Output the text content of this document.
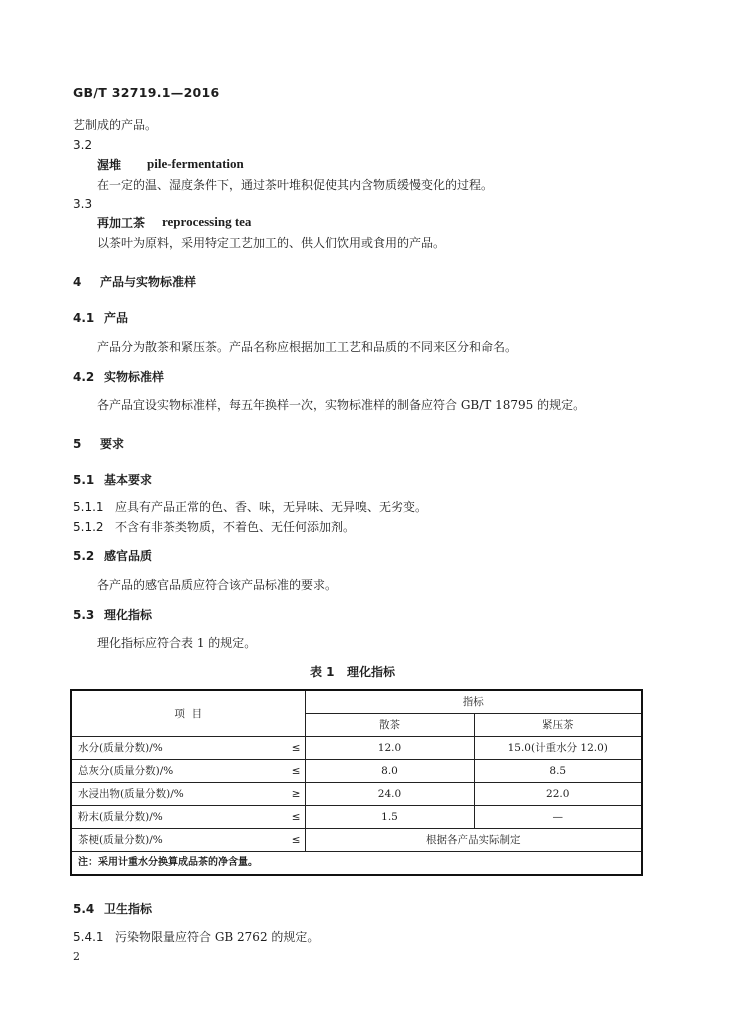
GB/T 32719.1—2016
艺制成的产品。
3.2
渥堆 pile-fermentation
在一定的温、湿度条件下，通过茶叶堆积促使其内含物质缓慢变化的过程。
3.3
再加工茶 reprocessing tea
以茶叶为原料，采用特定工艺加工的、供人们饮用或食用的产品。
4 产品与实物标准样
4.1 产品
产品分为散茶和紧压茶。产品名称应根据加工工艺和品质的不同来区分和命名。
4.2 实物标准样
各产品宜设实物标准样，每五年换样一次，实物标准样的制备应符合 GB/T 18795 的规定。
5 要求
5.1 基本要求
5.1.1 应具有产品正常的色、香、味，无异味、无异嗅、无劣变。
5.1.2 不含有非茶类物质，不着色、无任何添加剂。
5.2 感官品质
各产品的感官品质应符合该产品标准的要求。
5.3 理化指标
理化指标应符合表 1 的规定。
表 1   理化指标
项  目		指标	
		散茶	紧压茶
水分(质量分数)/%	≤	12.0	15.0(计重水分 12.0)
总灰分(质量分数)/%	≤	8.0	8.5
水浸出物(质量分数)/%	≥	24.0	22.0
粉末(质量分数)/%	≤	1.5	—
茶梗(质量分数)/%	≤	根据各产品实际制定	
注：采用计重水分换算成品茶的净含量。			
5.4 卫生指标
5.4.1 污染物限量应符合 GB 2762 的规定。
2
